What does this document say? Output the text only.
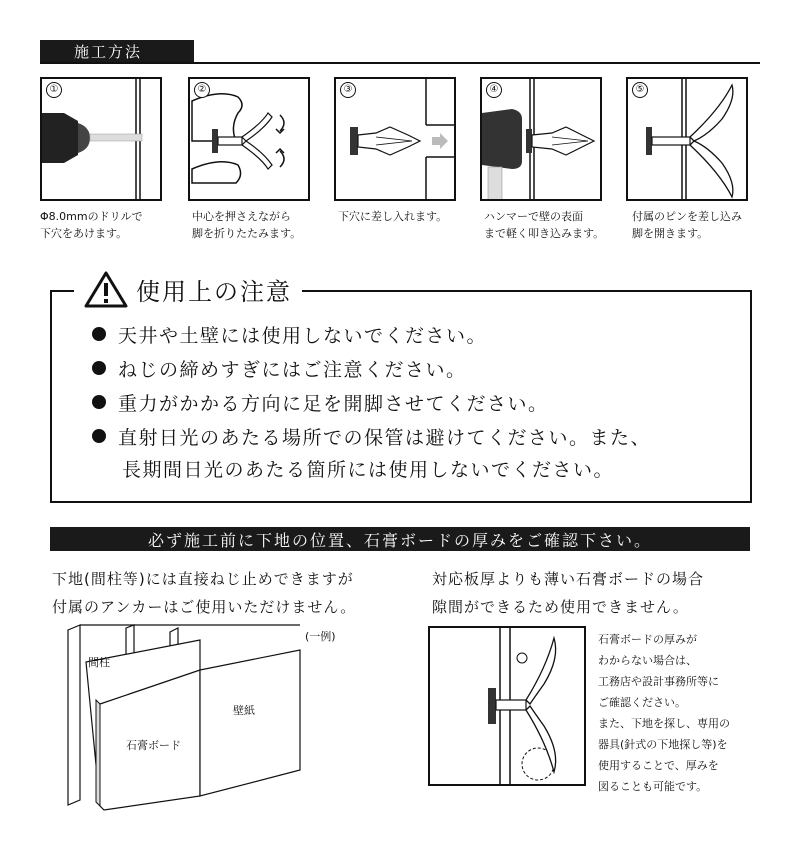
施工方法
①
Φ8.0mmのドリルで
下穴をあけます。
②
中心を押さえながら
脚を折りたたみます。
③
下穴に差し入れます。
④
ハンマーで壁の表面
まで軽く叩き込みます。
⑤
付属のピンを差し込み
脚を開きます。
使用上の注意
天井や土壁には使用しないでください。
ねじの締めすぎにはご注意ください。
重力がかかる方向に足を開脚させてください。
直射日光のあたる場所での保管は避けてください。また、
長期間日光のあたる箇所には使用しないでください。
必ず施工前に下地の位置、石膏ボードの厚みをご確認下さい。
下地(間柱等)には直接ねじ止めできますが
付属のアンカーはご使用いただけません。
対応板厚よりも薄い石膏ボードの場合
隙間ができるため使用できません。
間柱
壁紙
石膏ボード
(一例)	石膏ボードの厚みが
わからない場合は、
工務店や設計事務所等に
ご確認ください。
また、下地を探し、専用の
器具(針式の下地探し等)を
使用することで、厚みを
図ることも可能です。
